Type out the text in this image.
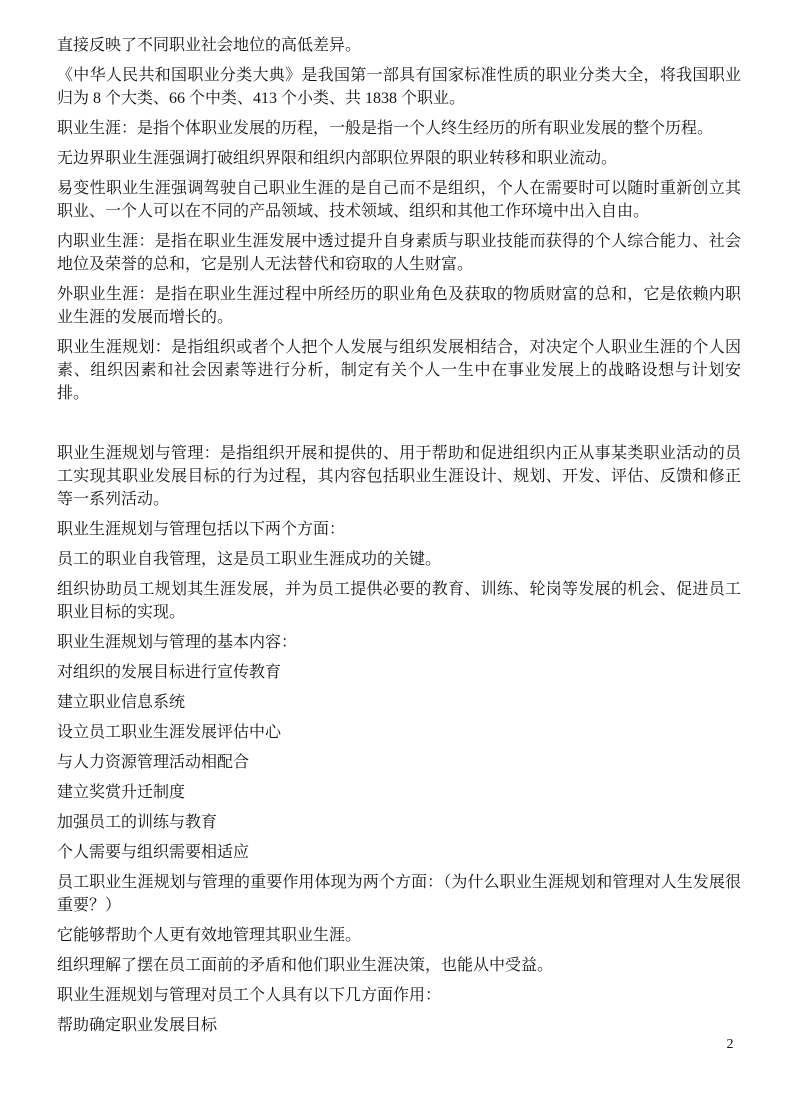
直接反映了不同职业社会地位的高低差异。

《中华人民共和国职业分类大典》是我国第一部具有国家标准性质的职业分类大全，将我国职业归为 8 个大类、66 个中类、413 个小类、共 1838 个职业。

职业生涯：是指个体职业发展的历程，一般是指一个人终生经历的所有职业发展的整个历程。

无边界职业生涯强调打破组织界限和组织内部职位界限的职业转移和职业流动。

易变性职业生涯强调驾驶自己职业生涯的是自己而不是组织，个人在需要时可以随时重新创立其职业、一个人可以在不同的产品领域、技术领域、组织和其他工作环境中出入自由。

内职业生涯：是指在职业生涯发展中透过提升自身素质与职业技能而获得的个人综合能力、社会地位及荣誉的总和，它是别人无法替代和窃取的人生财富。

外职业生涯：是指在职业生涯过程中所经历的职业角色及获取的物质财富的总和，它是依赖内职业生涯的发展而增长的。

职业生涯规划：是指组织或者个人把个人发展与组织发展相结合，对决定个人职业生涯的个人因素、组织因素和社会因素等进行分析，制定有关个人一生中在事业发展上的战略设想与计划安排。

职业生涯规划与管理：是指组织开展和提供的、用于帮助和促进组织内正从事某类职业活动的员工实现其职业发展目标的行为过程，其内容包括职业生涯设计、规划、开发、评估、反馈和修正等一系列活动。

职业生涯规划与管理包括以下两个方面：

员工的职业自我管理，这是员工职业生涯成功的关键。

组织协助员工规划其生涯发展，并为员工提供必要的教育、训练、轮岗等发展的机会、促进员工职业目标的实现。

职业生涯规划与管理的基本内容：

对组织的发展目标进行宣传教育

建立职业信息系统

设立员工职业生涯发展评估中心

与人力资源管理活动相配合

建立奖赏升迁制度

加强员工的训练与教育

个人需要与组织需要相适应

员工职业生涯规划与管理的重要作用体现为两个方面：（为什么职业生涯规划和管理对人生发展很重要？）

它能够帮助个人更有效地管理其职业生涯。

组织理解了摆在员工面前的矛盾和他们职业生涯决策，也能从中受益。

职业生涯规划与管理对员工个人具有以下几方面作用：

帮助确定职业发展目标

2
